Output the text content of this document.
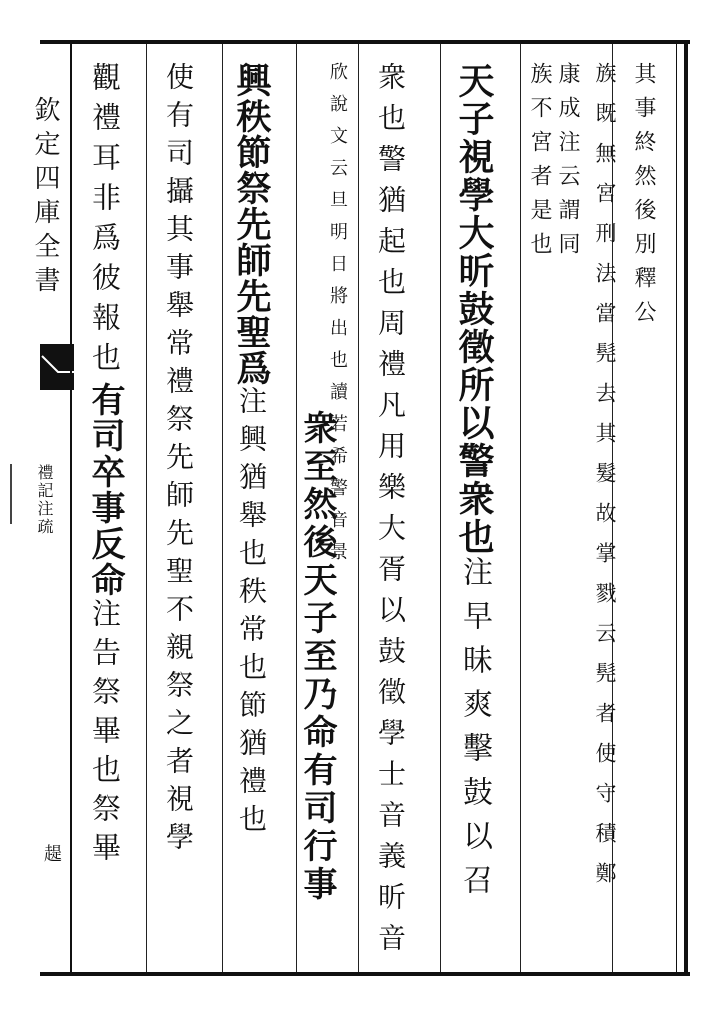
欽定四庫全書
禮記注疏
趧
其事終然後別釋公
族既無宮刑法當髡去其髮故掌戮云髡者使守積鄭
康成注云謂同
族不宮者是也
天子視學大昕鼓徵所以警衆也注早昧爽擊鼓以召
衆也警猶起也周禮凡用樂大胥以鼓徵學士音義昕音
欣說文云旦明日將出也讀若希警音景
衆至然後天子至乃命有司行事
興秩節祭先師先聖爲注興猶舉也秩常也節猶禮也
使有司攝其事舉常禮祭先師先聖不親祭之者視學
觀禮耳非爲彼報也有司卒事反命注告祭畢也祭畢
